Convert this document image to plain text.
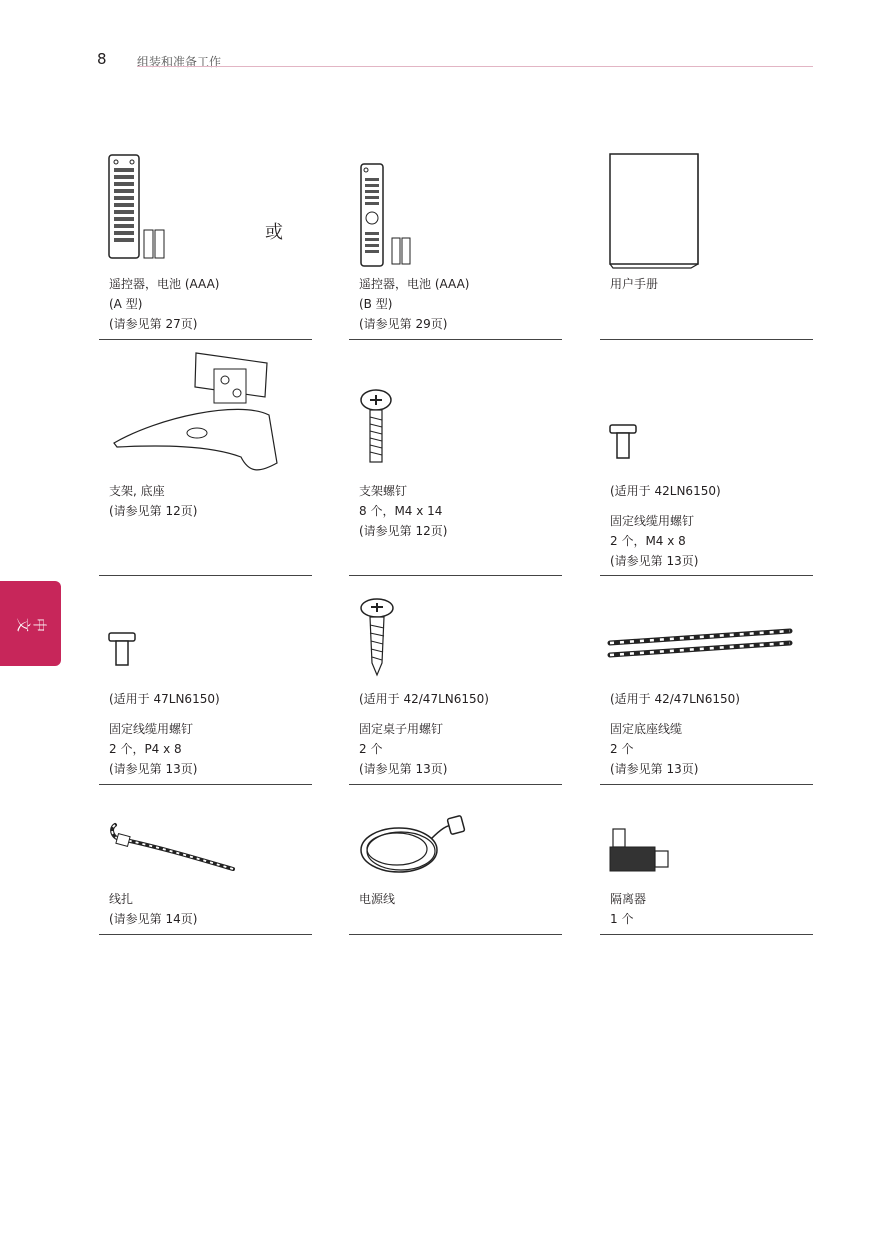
8	组装和准备工作
中文
遥控器，电池 (AAA)
(A 型)
(请参见第 27页)
或
遥控器，电池 (AAA)
(B 型)
(请参见第 29页)
用户手册
支架, 底座
(请参见第 12页)
支架螺钉
8 个，M4 x 14
(请参见第 12页)
(适用于 42LN6150)
固定线缆用螺钉
2 个，M4 x 8
(请参见第 13页)
(适用于 47LN6150)
固定线缆用螺钉
2 个，P4 x 8
(请参见第 13页)
(适用于 42/47LN6150)
固定桌子用螺钉
2 个
(请参见第 13页)
(适用于 42/47LN6150)
固定底座线缆
2 个
(请参见第 13页)
线扎
(请参见第 14页)
电源线	隔离器
1 个
